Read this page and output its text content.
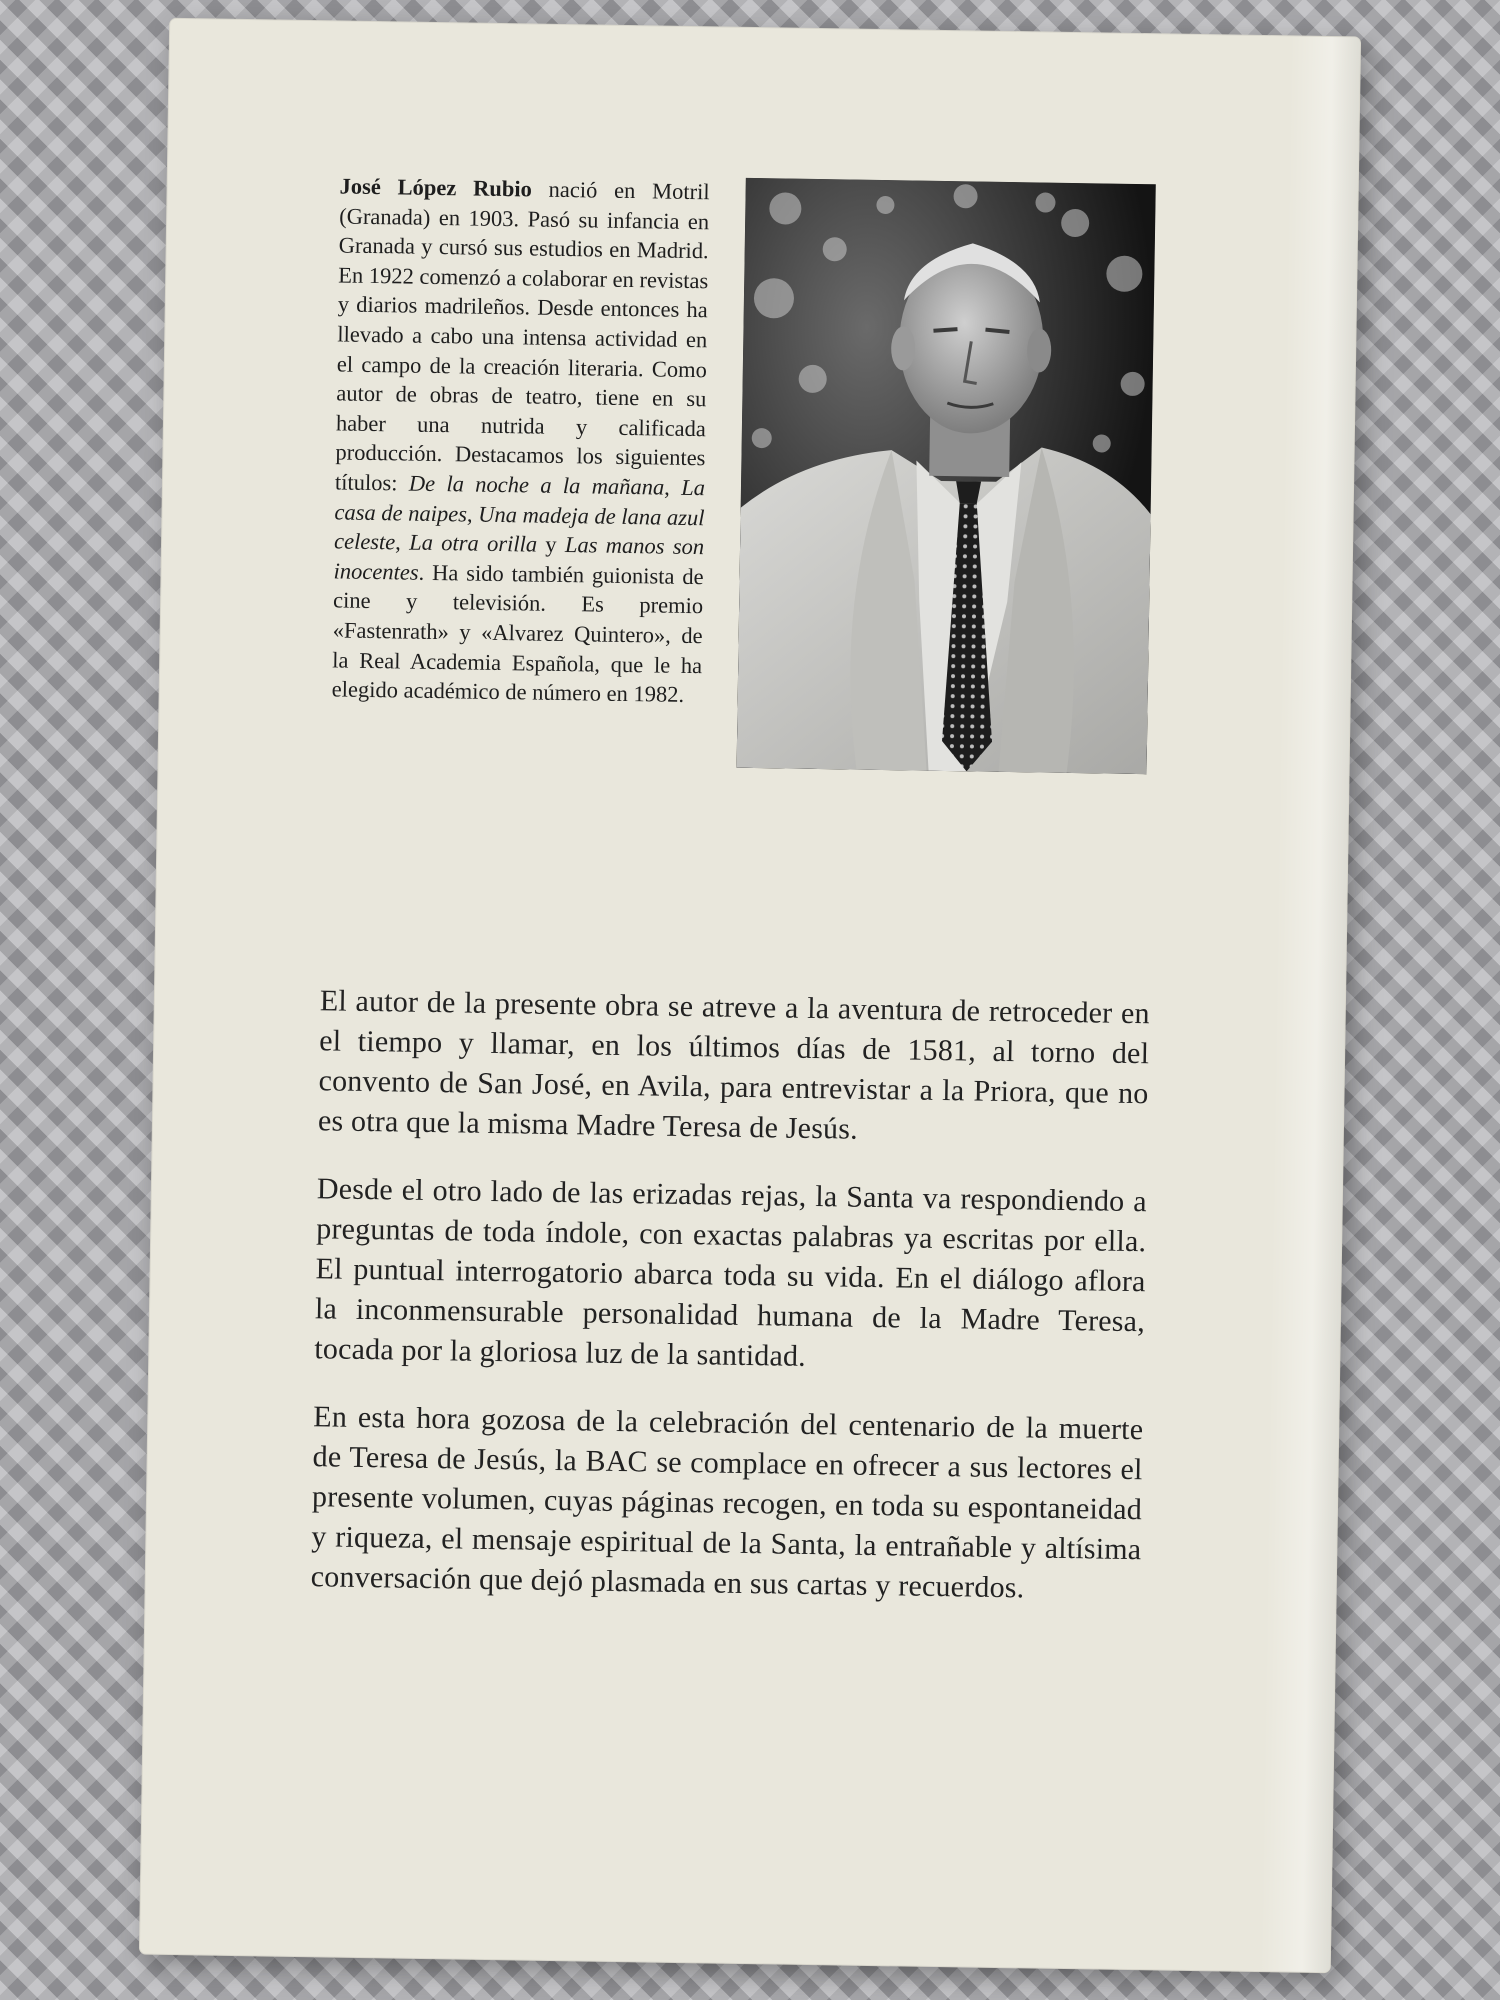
José López Rubio nació en Motril (Granada) en 1903. Pasó su infancia en Granada y cursó sus estudios en Madrid. En 1922 comenzó a colaborar en revistas y diarios madrileños. Desde entonces ha llevado a cabo una intensa actividad en el campo de la creación literaria. Como autor de obras de teatro, tiene en su haber una nutrida y calificada producción. Destacamos los siguientes títulos: De la noche a la mañana, La casa de naipes, Una madeja de lana azul celeste, La otra orilla y Las manos son inocentes. Ha sido también guionista de cine y televisión. Es premio «Fastenrath» y «Alvarez Quintero», de la Real Academia Española, que le ha elegido académico de número en 1982.

El autor de la presente obra se atreve a la aventura de retroceder en el tiempo y llamar, en los últimos días de 1581, al torno del convento de San José, en Avila, para entrevistar a la Priora, que no es otra que la misma Madre Teresa de Jesús.

Desde el otro lado de las erizadas rejas, la Santa va respondiendo a preguntas de toda índole, con exactas palabras ya escritas por ella. El puntual interrogatorio abarca toda su vida. En el diálogo aflora la inconmensurable personalidad humana de la Madre Teresa, tocada por la gloriosa luz de la santidad.

En esta hora gozosa de la celebración del centenario de la muerte de Teresa de Jesús, la BAC se complace en ofrecer a sus lectores el presente volumen, cuyas páginas recogen, en toda su espontaneidad y riqueza, el mensaje espiritual de la Santa, la entrañable y altísima conversación que dejó plasmada en sus cartas y recuerdos.
